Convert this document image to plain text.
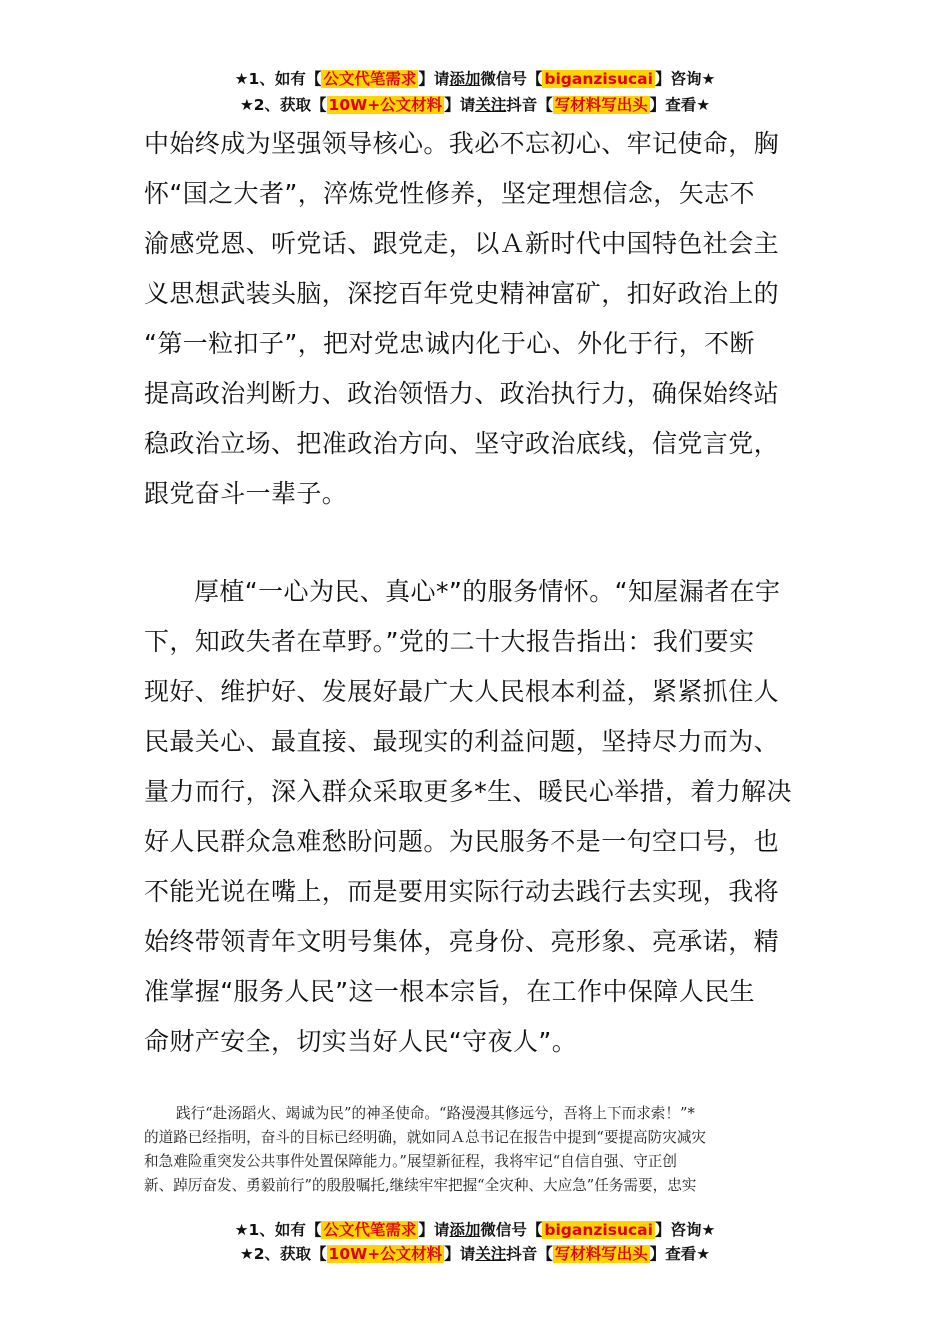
★1、如有【 公文代笔需求 】请添加微信号【 biganzisucai 】咨询★
★2、获取【 10W+公文材料 】请关注抖音【 写材料写出头 】查看★
中始终成为坚强领导核心。我必不忘初心、牢记使命，胸
怀“国之大者”，淬炼党性修养，坚定理想信念，矢志不
渝感党恩、听党话、跟党走，以Ａ新时代中国特色社会主
义思想武装头脑，深挖百年党史精神富矿，扣好政治上的
“第一粒扣子”，把对党忠诚内化于心、外化于行，不断
提高政治判断力、政治领悟力、政治执行力，确保始终站
稳政治立场、把准政治方向、坚守政治底线，信党言党，
跟党奋斗一辈子。
厚植“一心为民、真心*”的服务情怀。“知屋漏者在宇
下，知政失者在草野。”党的二十大报告指出：我们要实
现好、维护好、发展好最广大人民根本利益，紧紧抓住人
民最关心、最直接、最现实的利益问题，坚持尽力而为、
量力而行，深入群众采取更多*生、暖民心举措，着力解决
好人民群众急难愁盼问题。为民服务不是一句空口号，也
不能光说在嘴上，而是要用实际行动去践行去实现，我将
始终带领青年文明号集体，亮身份、亮形象、亮承诺，精
准掌握“服务人民”这一根本宗旨，在工作中保障人民生
命财产安全，切实当好人民“守夜人”。
践行“赴汤蹈火、竭诚为民”的神圣使命。“路漫漫其修远兮，吾将上下而求索！”*
的道路已经指明，奋斗的目标已经明确，就如同Ａ总书记在报告中提到“要提高防灾减灾
和急难险重突发公共事件处置保障能力。”展望新征程，我将牢记“自信自强、守正创
新、踔厉奋发、勇毅前行”的殷殷嘱托,继续牢牢把握“全灾种、大应急”任务需要，忠实
★1、如有【 公文代笔需求 】请添加微信号【 biganzisucai 】咨询★
★2、获取【 10W+公文材料 】请关注抖音【 写材料写出头 】查看★
